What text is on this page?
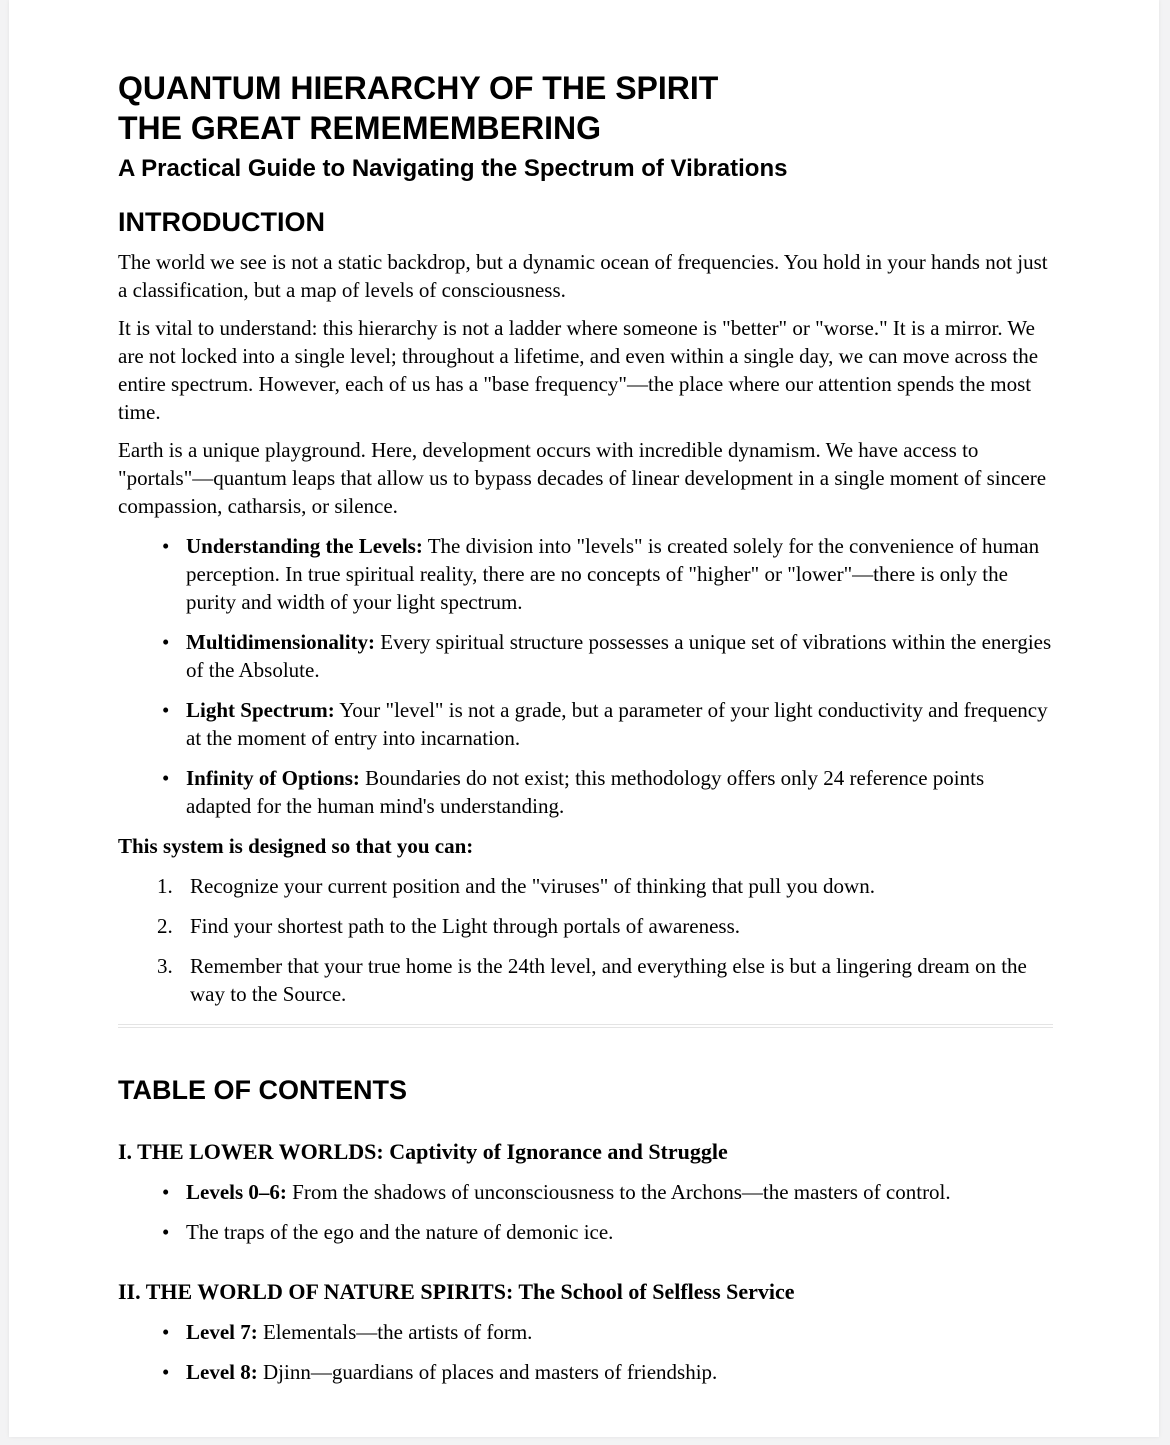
QUANTUM HIERARCHY OF THE SPIRIT
THE GREAT REMEMEMBERING
A Practical Guide to Navigating the Spectrum of Vibrations
INTRODUCTION

The world we see is not a static backdrop, but a dynamic ocean of frequencies. You hold in your hands not just a classification, but a map of levels of consciousness.

It is vital to understand: this hierarchy is not a ladder where someone is "better" or "worse." It is a mirror. We are not locked into a single level; throughout a lifetime, and even within a single day, we can move across the entire spectrum. However, each of us has a "base frequency"—the place where our attention spends the most time.

Earth is a unique playground. Here, development occurs with incredible dynamism. We have access to "portals"—quantum leaps that allow us to bypass decades of linear development in a single moment of sincere compassion, catharsis, or silence.

• Understanding the Levels: The division into "levels" is created solely for the convenience of human perception. In true spiritual reality, there are no concepts of "higher" or "lower"—there is only the purity and width of your light spectrum.
• Multidimensionality: Every spiritual structure possesses a unique set of vibrations within the energies of the Absolute.
• Light Spectrum: Your "level" is not a grade, but a parameter of your light conductivity and frequency at the moment of entry into incarnation.
• Infinity of Options: Boundaries do not exist; this methodology offers only 24 reference points adapted for the human mind's understanding.

This system is designed so that you can:

Recognize your current position and the "viruses" of thinking that pull you down.
Find your shortest path to the Light through portals of awareness.
Remember that your true home is the 24th level, and everything else is but a lingering dream on the way to the Source.
TABLE OF CONTENTS
I. THE LOWER WORLDS: Captivity of Ignorance and Struggle
• Levels 0–6: From the shadows of unconsciousness to the Archons—the masters of control.
• The traps of the ego and the nature of demonic ice.
II. THE WORLD OF NATURE SPIRITS: The School of Selfless Service
• Level 7: Elementals—the artists of form.
• Level 8: Djinn—guardians of places and masters of friendship.
